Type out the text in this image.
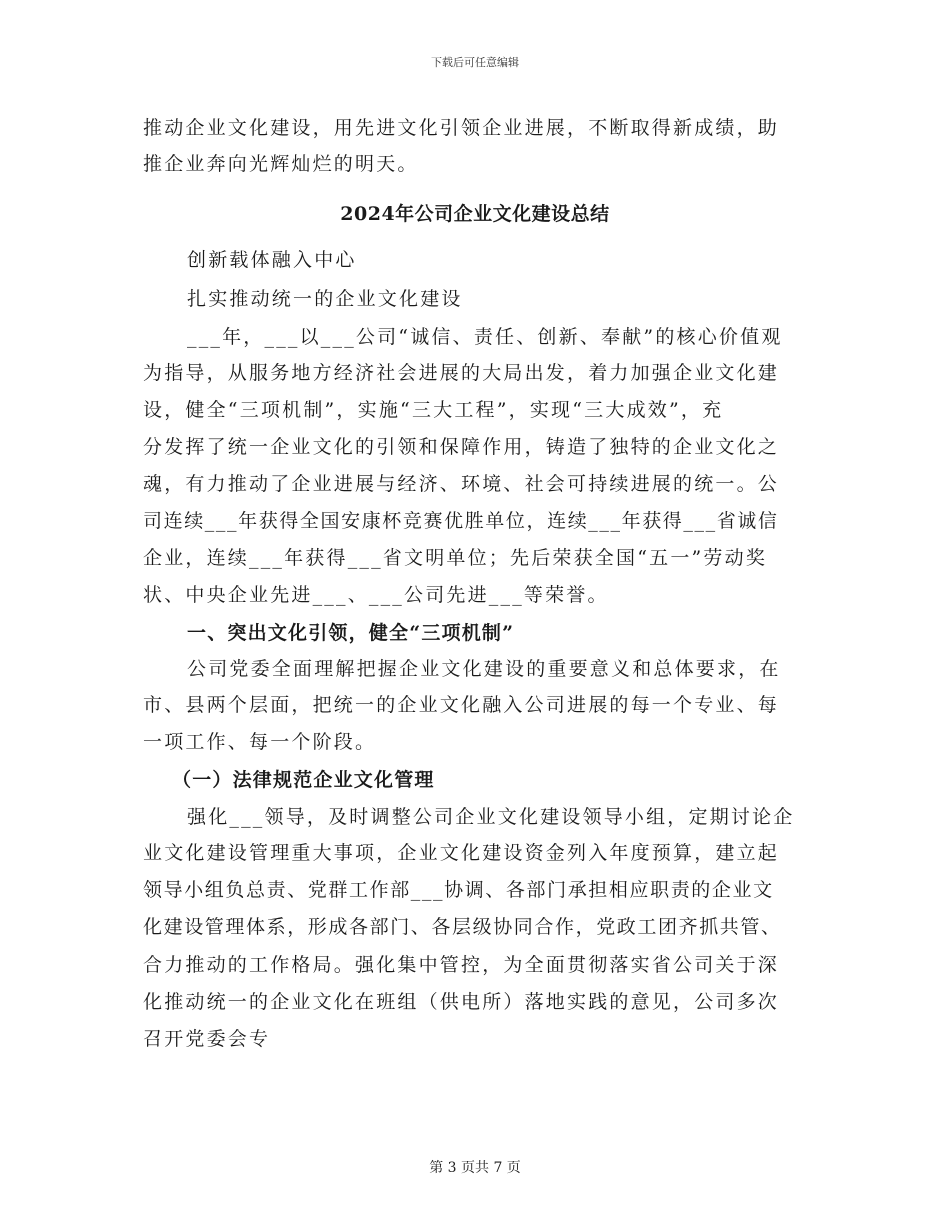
下载后可任意编辑
推动企业文化建设，用先进文化引领企业进展，不断取得新成绩，助
推企业奔向光辉灿烂的明天。
2024年公司企业文化建设总结
创新载体融入中心
扎实推动统一的企业文化建设
___年，___以___公司“诚信、责任、创新、奉献”的核心价值观
为指导，从服务地方经济社会进展的大局出发，着力加强企业文化建
设，健全“三项机制”，实施“三大工程”，实现“三大成效”，充
分发挥了统一企业文化的引领和保障作用，铸造了独特的企业文化之
魂，有力推动了企业进展与经济、环境、社会可持续进展的统一。公
司连续___年获得全国安康杯竞赛优胜单位，连续___年获得___省诚信
企业，连续___年获得___省文明单位；先后荣获全国“五一”劳动奖
状、中央企业先进___、___公司先进___等荣誉。
一、突出文化引领，健全“三项机制”
公司党委全面理解把握企业文化建设的重要意义和总体要求，在
市、县两个层面，把统一的企业文化融入公司进展的每一个专业、每
一项工作、每一个阶段。
（一）法律规范企业文化管理
强化___领导，及时调整公司企业文化建设领导小组，定期讨论企
业文化建设管理重大事项，企业文化建设资金列入年度预算，建立起
领导小组负总责、党群工作部___协调、各部门承担相应职责的企业文
化建设管理体系，形成各部门、各层级协同合作，党政工团齐抓共管、
合力推动的工作格局。强化集中管控，为全面贯彻落实省公司关于深
化推动统一的企业文化在班组（供电所）落地实践的意见，公司多次
召开党委会专
第 3 页共 7 页
